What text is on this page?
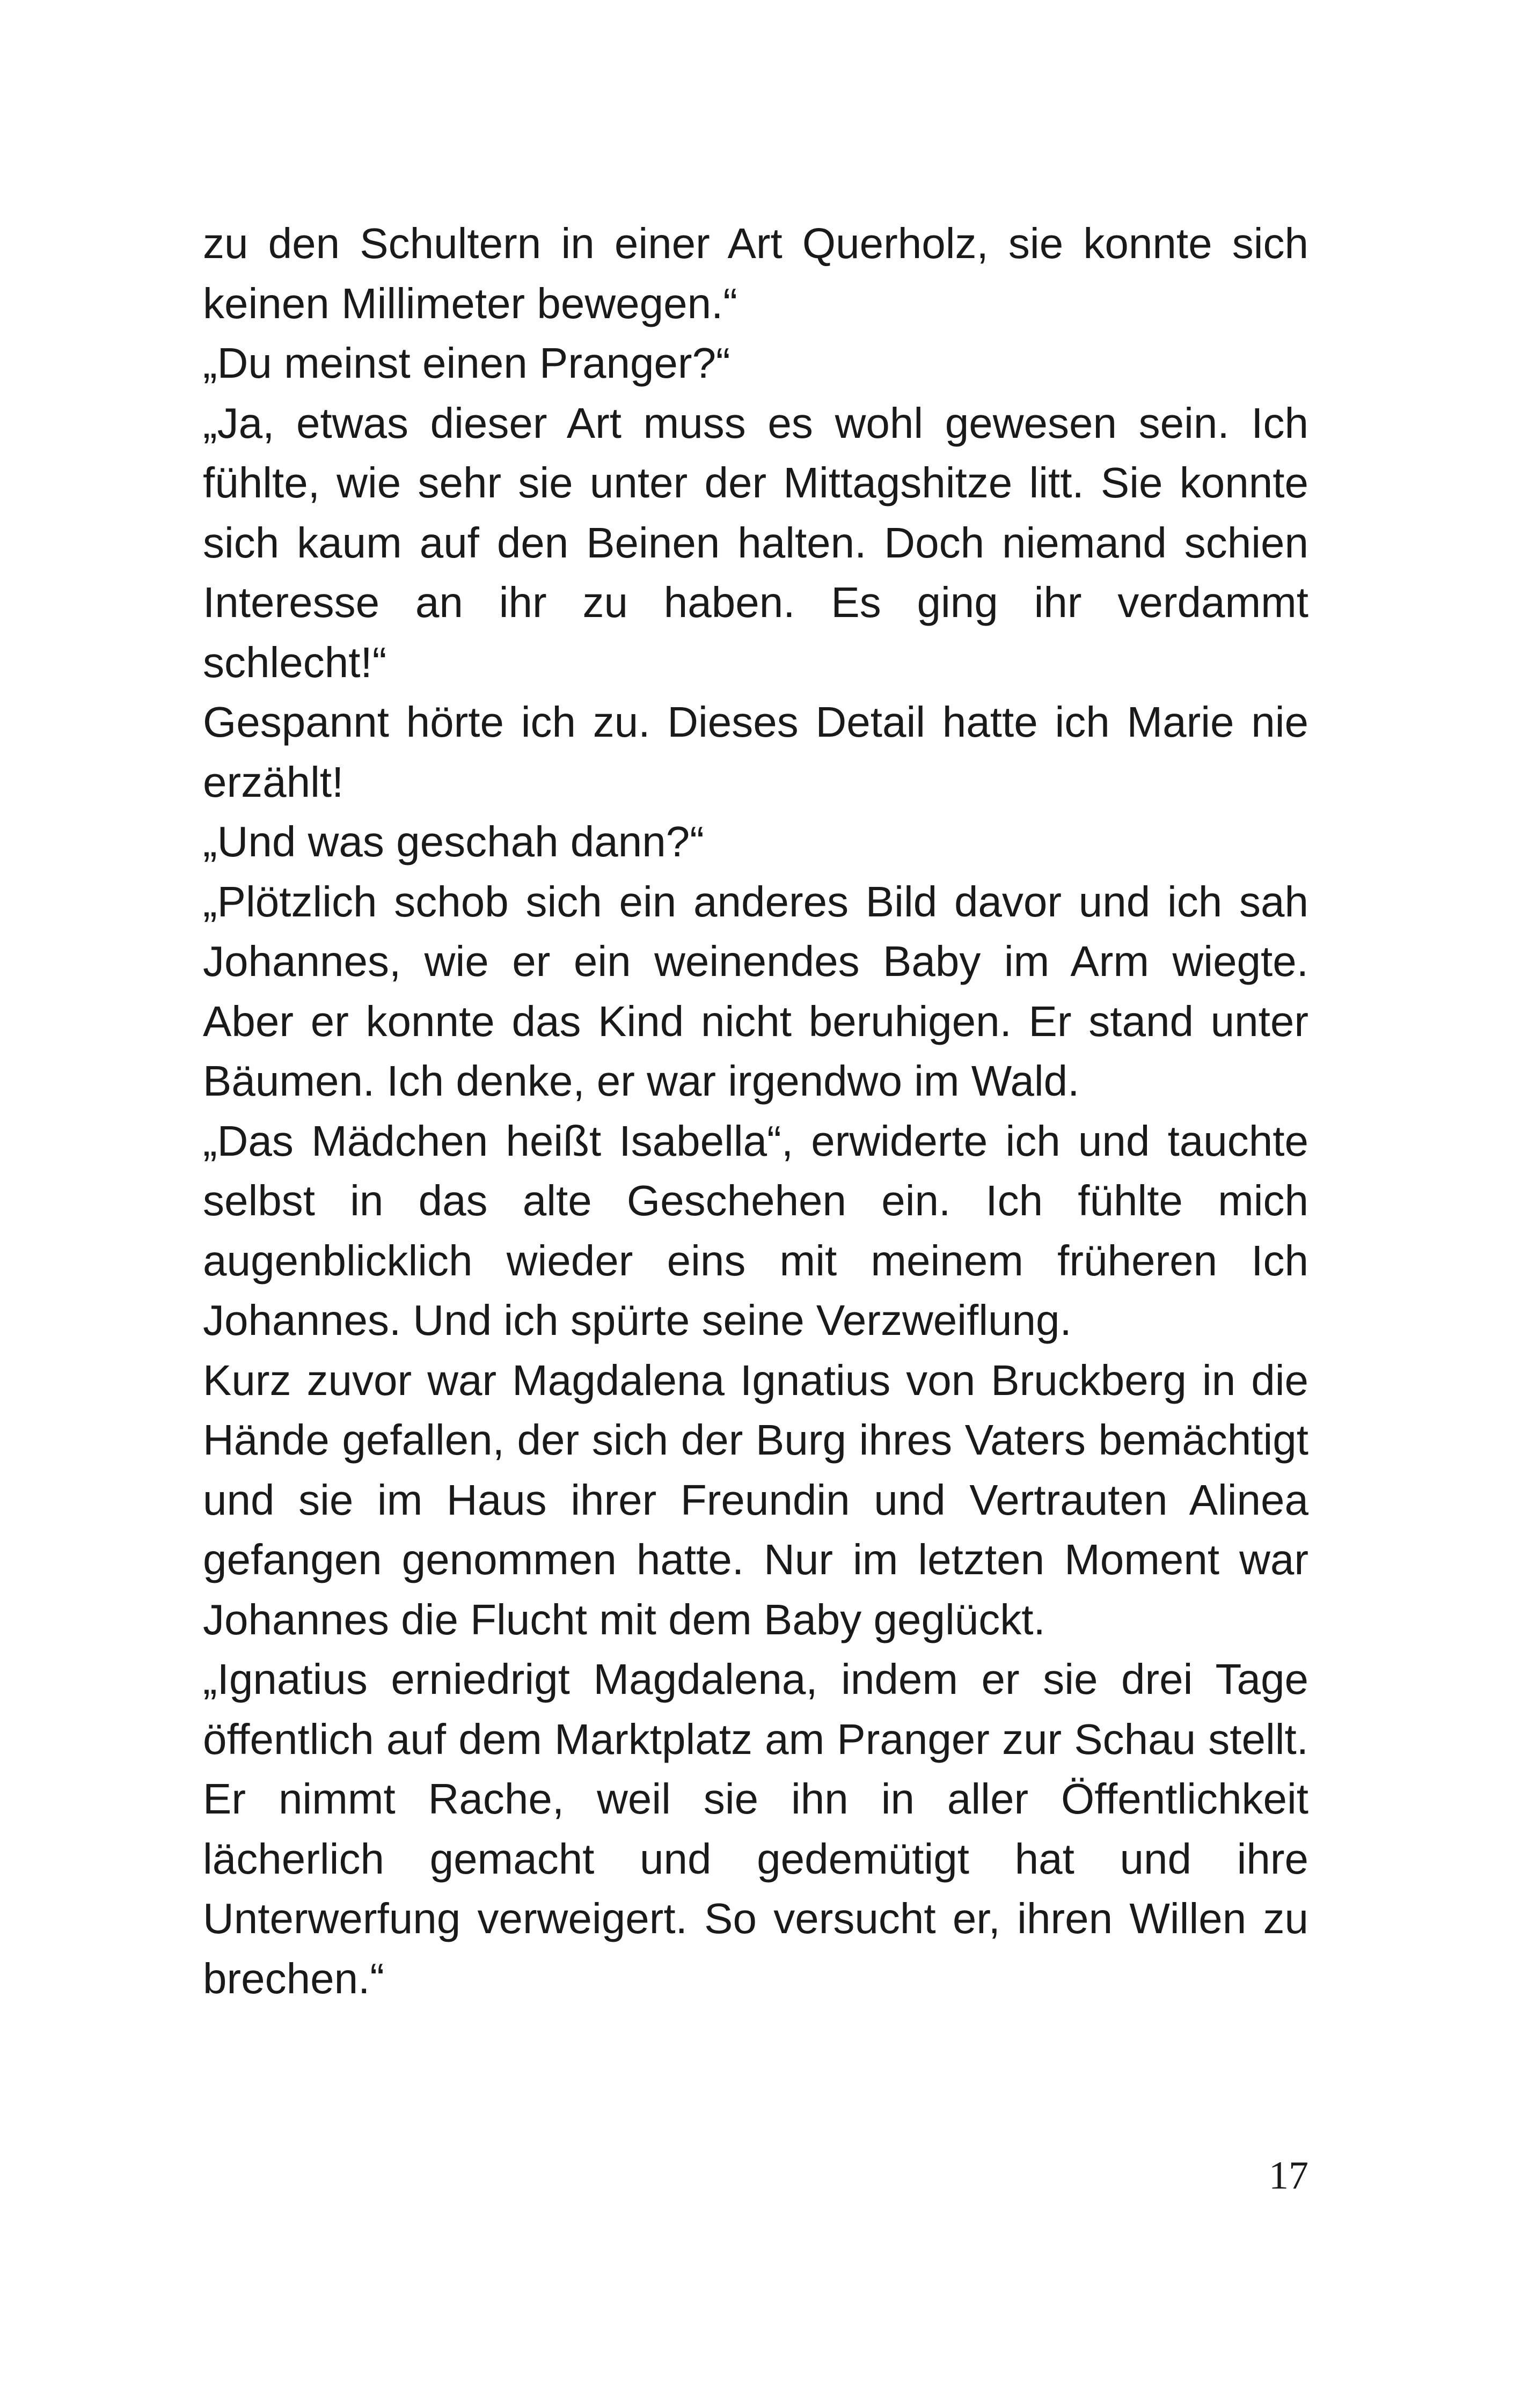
zu den Schultern in einer Art Querholz, sie konnte sich keinen Millimeter bewegen.“

„Du meinst einen Pranger?“

„Ja, etwas dieser Art muss es wohl gewesen sein. Ich fühlte, wie sehr sie unter der Mittagshitze litt. Sie konnte sich kaum auf den Beinen halten. Doch niemand schien Interesse an ihr zu haben. Es ging ihr verdammt schlecht!“

Gespannt hörte ich zu. Dieses Detail hatte ich Marie nie erzählt!

„Und was geschah dann?“

„Plötzlich schob sich ein anderes Bild davor und ich sah Johannes, wie er ein weinendes Baby im Arm wiegte. Aber er konnte das Kind nicht beruhigen. Er stand unter Bäumen. Ich denke, er war irgendwo im Wald.

„Das Mädchen heißt Isabella“, erwiderte ich und tauchte selbst in das alte Geschehen ein. Ich fühlte mich augenblicklich wieder eins mit meinem früheren Ich Johannes. Und ich spürte seine Verzweiflung.

Kurz zuvor war Magdalena Ignatius von Bruckberg in die Hände gefallen, der sich der Burg ihres Vaters bemächtigt und sie im Haus ihrer Freundin und Vertrauten Alinea gefangen genommen hatte. Nur im letzten Moment war Johannes die Flucht mit dem Baby geglückt.

„Ignatius erniedrigt Magdalena, indem er sie drei Tage öffentlich auf dem Marktplatz am Pranger zur Schau stellt. Er nimmt Rache, weil sie ihn in aller Öffentlichkeit lächerlich gemacht und gedemütigt hat und ihre Unterwerfung verweigert. So versucht er, ihren Willen zu brechen.“

17
